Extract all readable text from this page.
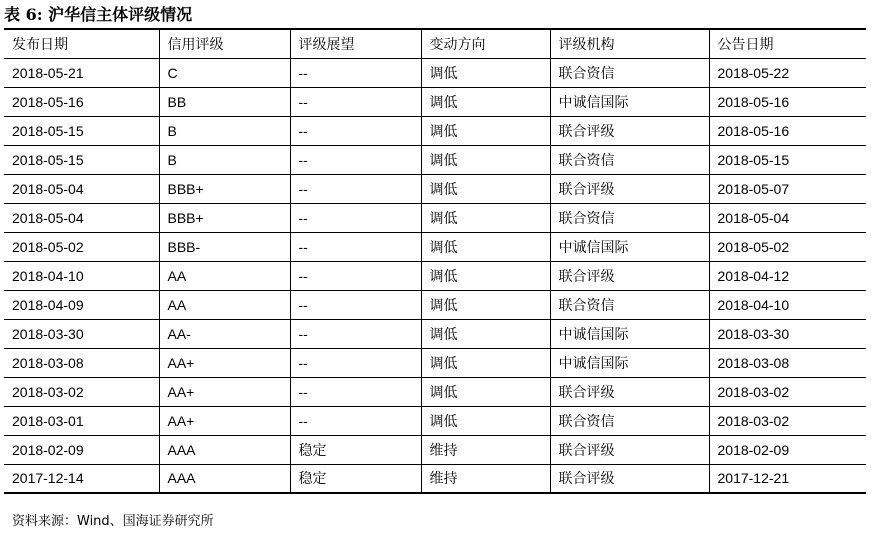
表 6: 沪华信主体评级情况
发布日期	信用评级	评级展望	变动方向	评级机构	公告日期
2018-05-21	C	--	调低	联合资信	2018-05-22
2018-05-16	BB	--	调低	中诚信国际	2018-05-16
2018-05-15	B	--	调低	联合评级	2018-05-16
2018-05-15	B	--	调低	联合资信	2018-05-15
2018-05-04	BBB+	--	调低	联合评级	2018-05-07
2018-05-04	BBB+	--	调低	联合资信	2018-05-04
2018-05-02	BBB-	--	调低	中诚信国际	2018-05-02
2018-04-10	AA	--	调低	联合评级	2018-04-12
2018-04-09	AA	--	调低	联合资信	2018-04-10
2018-03-30	AA-	--	调低	中诚信国际	2018-03-30
2018-03-08	AA+	--	调低	中诚信国际	2018-03-08
2018-03-02	AA+	--	调低	联合评级	2018-03-02
2018-03-01	AA+	--	调低	联合资信	2018-03-02
2018-02-09	AAA	稳定	维持	联合评级	2018-02-09
2017-12-14	AAA	稳定	维持	联合评级	2017-12-21
资料来源：Wind、国海证券研究所
